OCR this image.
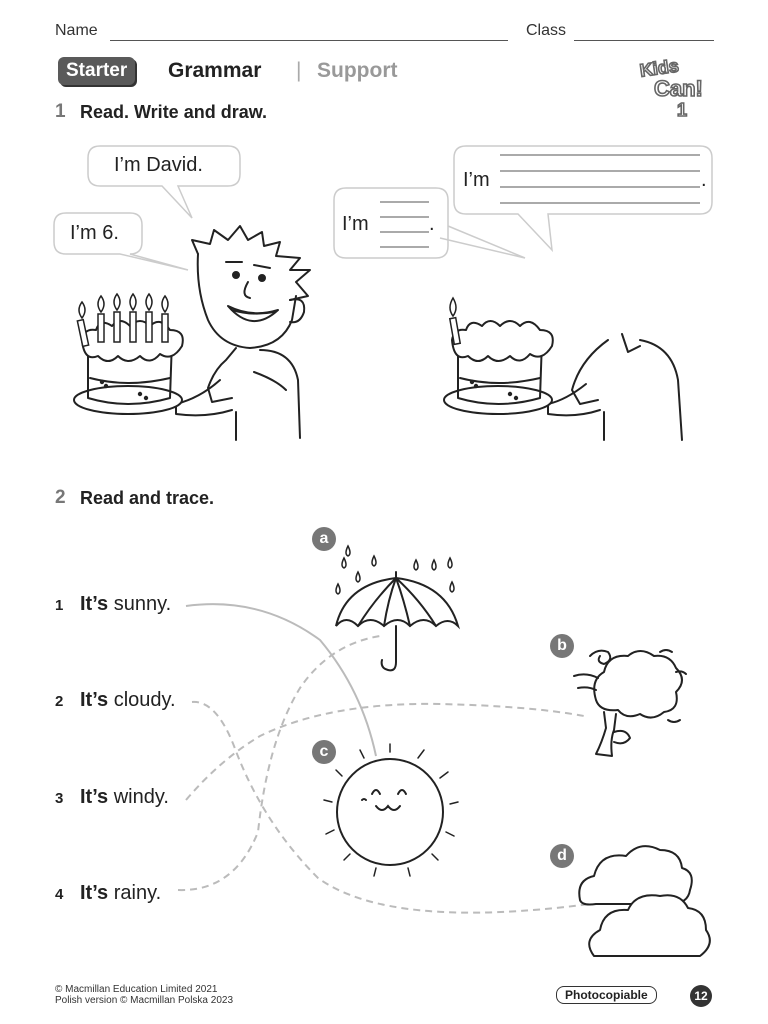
Name	Class
Starter	Grammar | Support	Kids
Can!
1
1 Read. Write and draw.
I’m David.
I’m 6.	I’m	.
I’m	.
2 Read and trace.
1 It’s sunny.
2 It’s cloudy.
3 It’s windy.
4 It’s rainy.
a
b
c
d
© Macmillan Education Limited 2021
Polish version © Macmillan Polska 2023	Photocopiable	12
